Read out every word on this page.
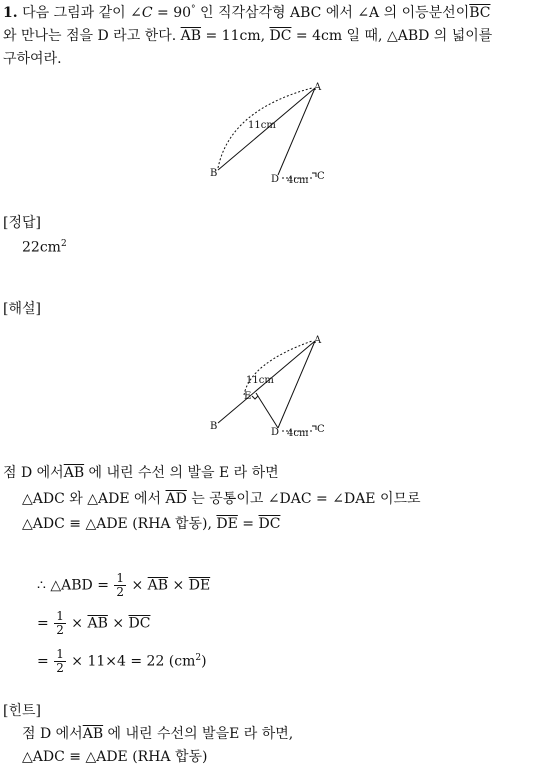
1. 다음 그림과 같이 ∠C = 90° 인 직각삼각형 ABC 에서 ∠A 의 이등분선이$\overline{BC}$
와 만나는 점을 D 라고 한다. $\overline{AB} = 11cm$, $\overline{DC} = 4cm$ 일 때, △ABD 의 넓이를
구하여라.
A
B
D	C
11cm
4cm
[정답]
$22cm^2$
[해설]
A
B
D	C
E
11cm
4cm
점 D 에서$\overline{AB}$ 에 내린 수선 의 발을 E 라 하면
△ADC 와 △ADE 에서 $\overline{AD}$ 는 공통이고 ∠DAC = ∠DAE 이므로
△ADC ≡ △ADE (RHA 합동), $\overline{DE} = \overline{DC}$
∴ △ABD = $\frac{1}{2} \times \overline{AB} \times \overline{DE}$
= $\frac{1}{2} \times \overline{AB} \times \overline{DC}$
= $\frac{1}{2} \times 11\times 4 = 22$ $(cm^2)$
[힌트]
점 D 에서$\overline{AB}$ 에 내린 수선의 발을E 라 하면,
△ADC ≡ △ADE (RHA 합동)
